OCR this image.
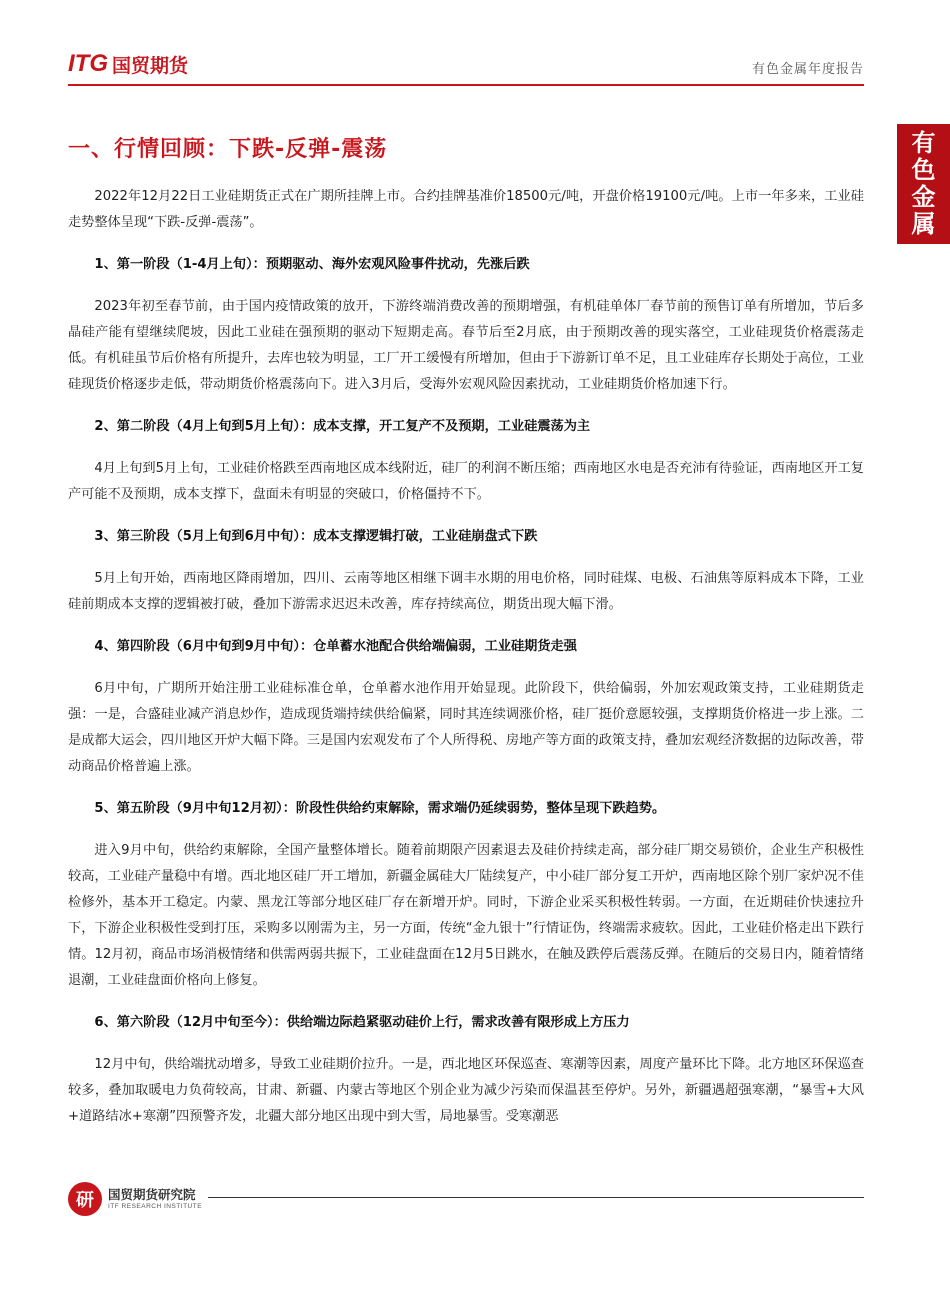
ITG 国贸期货	有色金属年度报告
有
色
金
属
一、行情回顾：下跌-反弹-震荡

2022年12月22日工业硅期货正式在广期所挂牌上市。合约挂牌基准价18500元/吨，开盘价格19100元/吨。上市一年多来，工业硅走势整体呈现“下跌-反弹-震荡”。

1、第一阶段（1-4月上旬）：预期驱动、海外宏观风险事件扰动，先涨后跌

2023年初至春节前，由于国内疫情政策的放开，下游终端消费改善的预期增强，有机硅单体厂春节前的预售订单有所增加，节后多晶硅产能有望继续爬坡，因此工业硅在强预期的驱动下短期走高。春节后至2月底，由于预期改善的现实落空，工业硅现货价格震荡走低。有机硅虽节后价格有所提升，去库也较为明显，工厂开工缓慢有所增加，但由于下游新订单不足，且工业硅库存长期处于高位，工业硅现货价格逐步走低，带动期货价格震荡向下。进入3月后，受海外宏观风险因素扰动，工业硅期货价格加速下行。

2、第二阶段（4月上旬到5月上旬）：成本支撑，开工复产不及预期，工业硅震荡为主

4月上旬到5月上旬，工业硅价格跌至西南地区成本线附近，硅厂的利润不断压缩；西南地区水电是否充沛有待验证，西南地区开工复产可能不及预期，成本支撑下，盘面未有明显的突破口，价格僵持不下。

3、第三阶段（5月上旬到6月中旬）：成本支撑逻辑打破，工业硅崩盘式下跌

5月上旬开始，西南地区降雨增加，四川、云南等地区相继下调丰水期的用电价格，同时硅煤、电极、石油焦等原料成本下降，工业硅前期成本支撑的逻辑被打破，叠加下游需求迟迟未改善，库存持续高位，期货出现大幅下滑。

4、第四阶段（6月中旬到9月中旬）：仓单蓄水池配合供给端偏弱，工业硅期货走强

6月中旬，广期所开始注册工业硅标准仓单，仓单蓄水池作用开始显现。此阶段下，供给偏弱，外加宏观政策支持，工业硅期货走强：一是，合盛硅业减产消息炒作，造成现货端持续供给偏紧，同时其连续调涨价格，硅厂挺价意愿较强，支撑期货价格进一步上涨。二是成都大运会，四川地区开炉大幅下降。三是国内宏观发布了个人所得税、房地产等方面的政策支持，叠加宏观经济数据的边际改善，带动商品价格普遍上涨。

5、第五阶段（9月中旬12月初）：阶段性供给约束解除，需求端仍延续弱势，整体呈现下跌趋势。

进入9月中旬，供给约束解除，全国产量整体增长。随着前期限产因素退去及硅价持续走高，部分硅厂期交易锁价，企业生产积极性较高，工业硅产量稳中有增。西北地区硅厂开工增加，新疆金属硅大厂陆续复产，中小硅厂部分复工开炉，西南地区除个别厂家炉况不佳检修外，基本开工稳定。内蒙、黑龙江等部分地区硅厂存在新增开炉。同时，下游企业采买积极性转弱。一方面，在近期硅价快速拉升下，下游企业积极性受到打压，采购多以刚需为主，另一方面，传统“金九银十”行情证伪，终端需求疲软。因此，工业硅价格走出下跌行情。12月初，商品市场消极情绪和供需两弱共振下，工业硅盘面在12月5日跳水，在触及跌停后震荡反弹。在随后的交易日内，随着情绪退潮，工业硅盘面价格向上修复。

6、第六阶段（12月中旬至今）：供给端边际趋紧驱动硅价上行，需求改善有限形成上方压力

12月中旬，供给端扰动增多，导致工业硅期价拉升。一是，西北地区环保巡查、寒潮等因素，周度产量环比下降。北方地区环保巡查较多，叠加取暖电力负荷较高，甘肃、新疆、内蒙古等地区个别企业为减少污染而保温甚至停炉。另外，新疆遇超强寒潮，“暴雪+大风+道路结冰+寒潮”四预警齐发，北疆大部分地区出现中到大雪，局地暴雪。受寒潮恶

研	国贸期货研究院
ITF RESEARCH INSTITUTE
